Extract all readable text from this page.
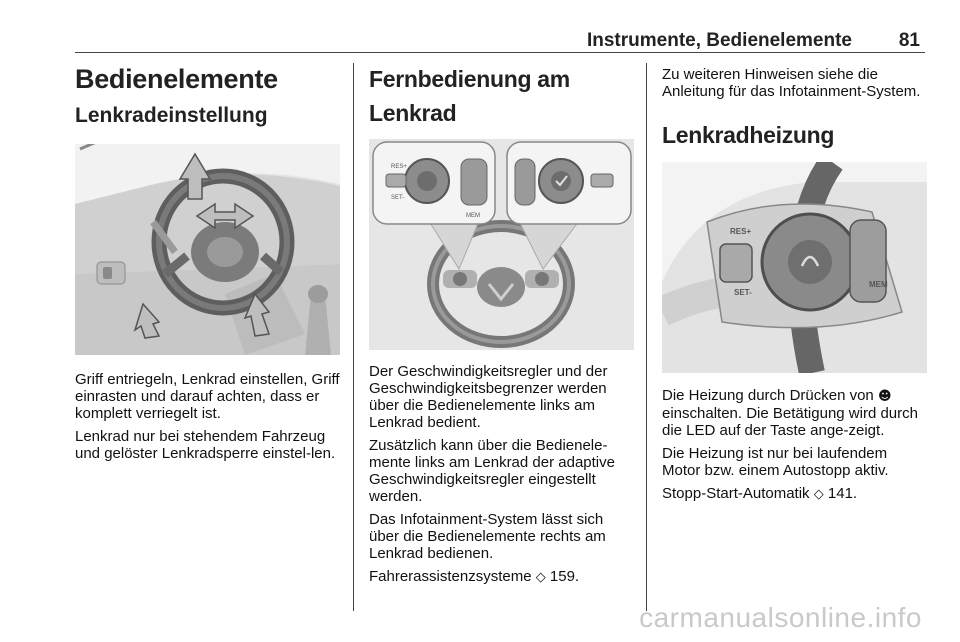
Instrumente, Bedienelemente 81
Bedienelemente
Lenkradeinstellung

Griff entriegeln, Lenkrad einstellen, Griff einrasten und darauf achten, dass er komplett verriegelt ist.

Lenkrad nur bei stehendem Fahrzeug und gelöster Lenkradsperre einstel-len.

Fernbedienung am Lenkrad
RES+
SET-
MEM

Der Geschwindigkeitsregler und der Geschwindigkeitsbegrenzer werden über die Bedienelemente links am Lenkrad bedient.

Zusätzlich kann über die Bedienele-mente links am Lenkrad der adaptive Geschwindigkeitsregler eingestellt werden.

Das Infotainment-System lässt sich über die Bedienelemente rechts am Lenkrad bedienen.

Fahrerassistenzsysteme ◇ 159.

Zu weiteren Hinweisen siehe die Anleitung für das Infotainment-System.

Lenkradheizung
RES+
SET-
MEM

Die Heizung durch Drücken von ☻ einschalten. Die Betätigung wird durch die LED auf der Taste ange-zeigt.

Die Heizung ist nur bei laufendem Motor bzw. einem Autostopp aktiv.

Stopp-Start-Automatik ◇ 141.

carmanualsonline.info
